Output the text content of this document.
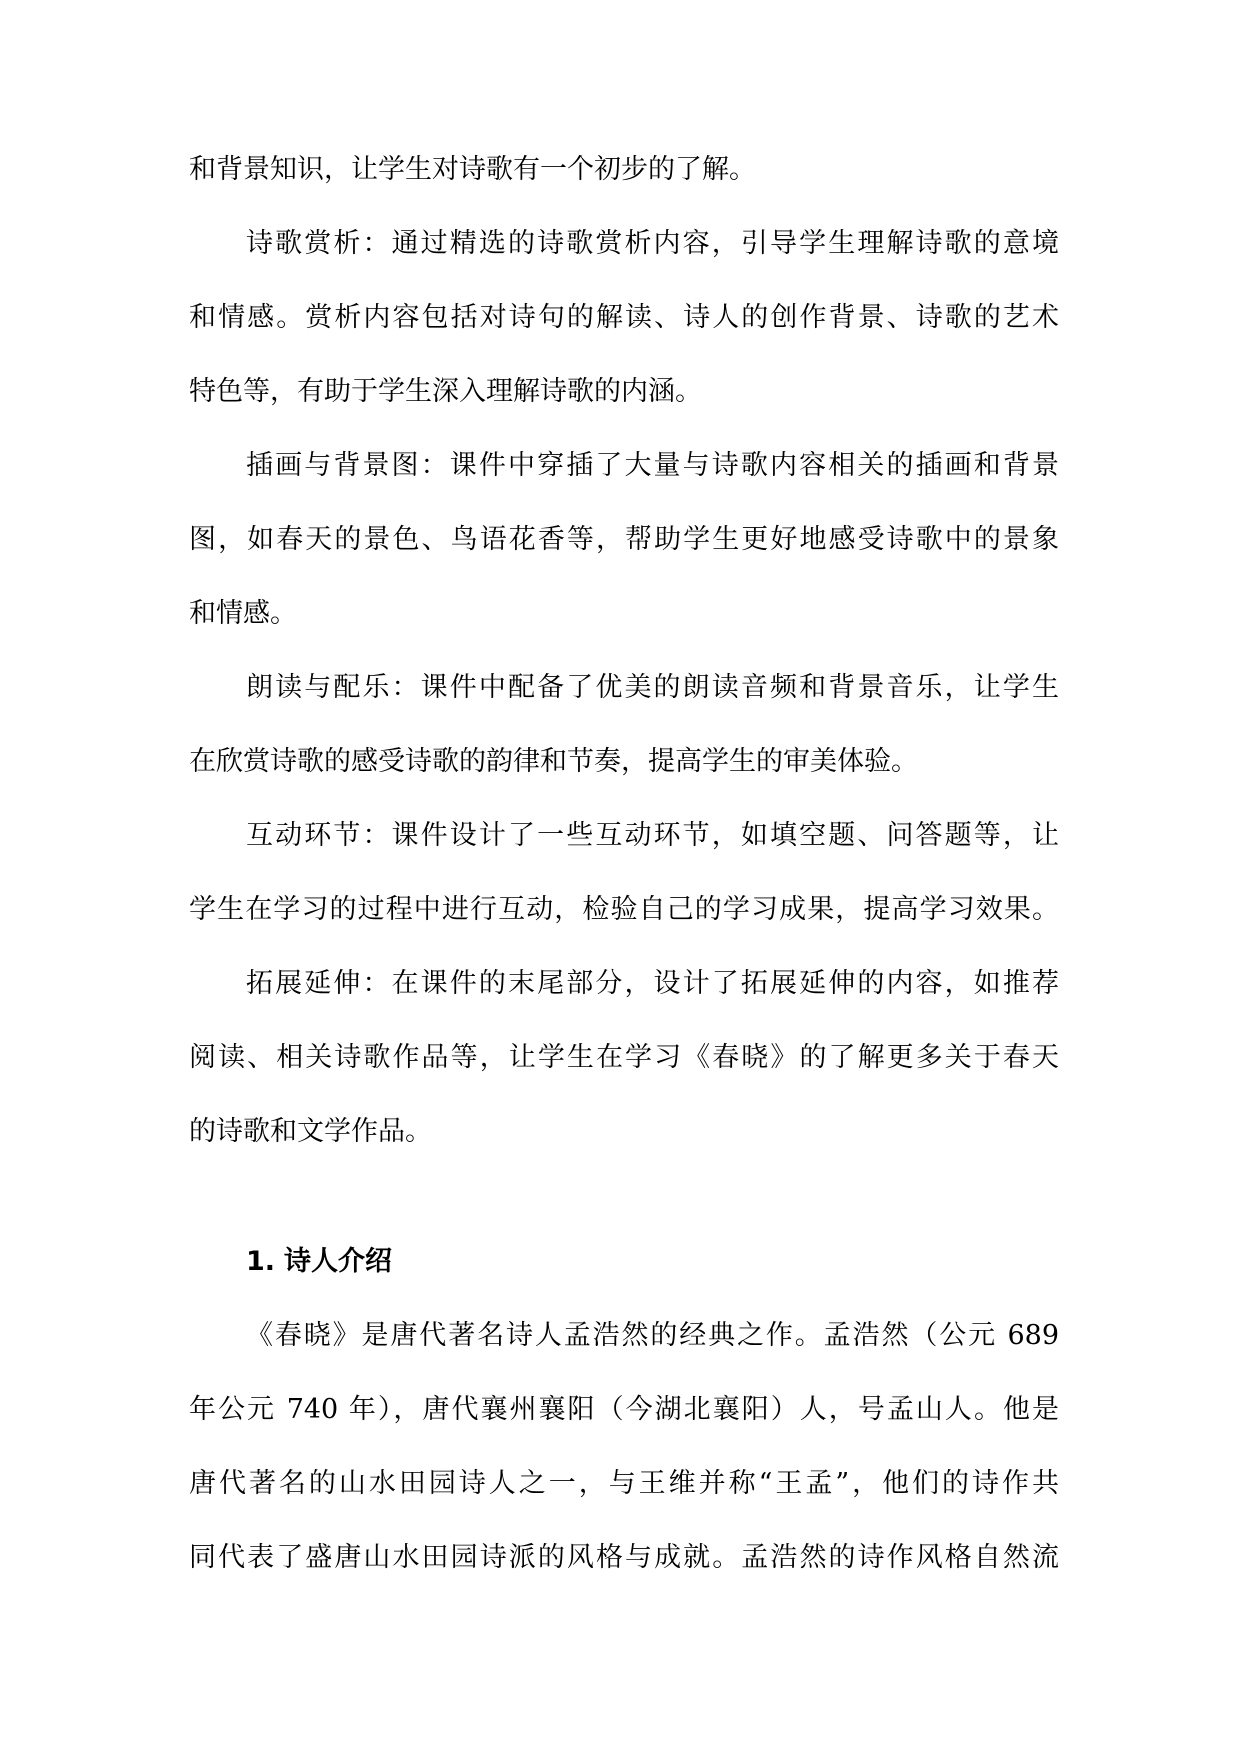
和背景知识，让学生对诗歌有一个初步的了解。
诗歌赏析：通过精选的诗歌赏析内容，引导学生理解诗歌的意境
和情感。赏析内容包括对诗句的解读、诗人的创作背景、诗歌的艺术
特色等，有助于学生深入理解诗歌的内涵。
插画与背景图：课件中穿插了大量与诗歌内容相关的插画和背景
图，如春天的景色、鸟语花香等，帮助学生更好地感受诗歌中的景象
和情感。
朗读与配乐：课件中配备了优美的朗读音频和背景音乐，让学生
在欣赏诗歌的感受诗歌的韵律和节奏，提高学生的审美体验。
互动环节：课件设计了一些互动环节，如填空题、问答题等，让
学生在学习的过程中进行互动，检验自己的学习成果，提高学习效果。
拓展延伸：在课件的末尾部分，设计了拓展延伸的内容，如推荐
阅读、相关诗歌作品等，让学生在学习《春晓》的了解更多关于春天
的诗歌和文学作品。
1. 诗人介绍
《春晓》是唐代著名诗人孟浩然的经典之作。孟浩然（公元 689
年公元 740 年），唐代襄州襄阳（今湖北襄阳）人，号孟山人。他是
唐代著名的山水田园诗人之一，与王维并称“王孟”，他们的诗作共
同代表了盛唐山水田园诗派的风格与成就。孟浩然的诗作风格自然流
